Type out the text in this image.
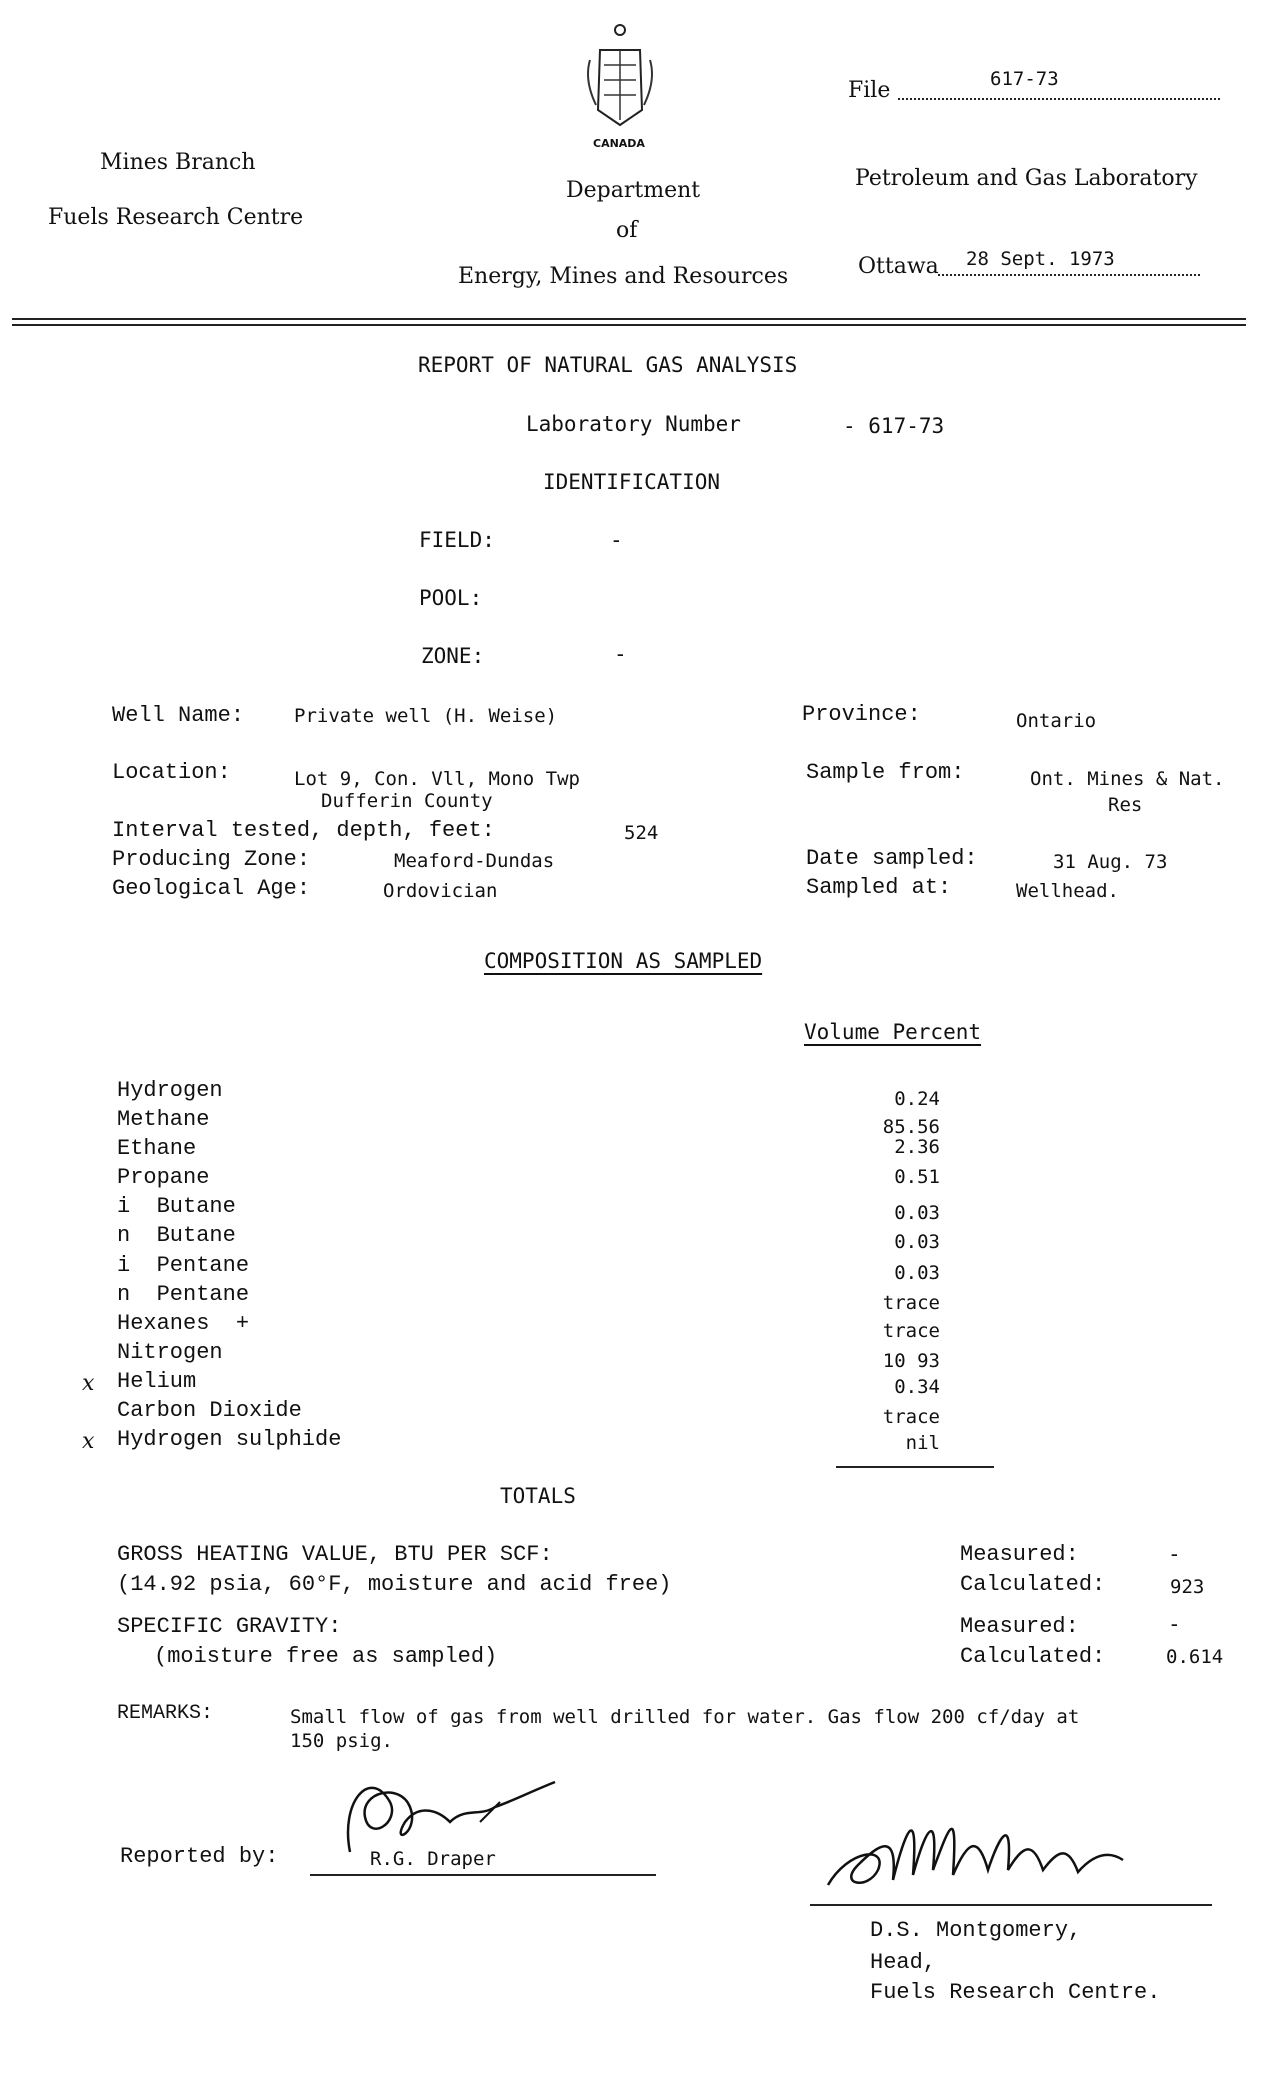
Mines Branch
Fuels Research Centre
CANADA
Department
of
Energy, Mines and Resources
File	617-73
Petroleum and Gas Laboratory
Ottawa 28 Sept. 1973
REPORT OF NATURAL GAS ANALYSIS
Laboratory Number	- 617-73
IDENTIFICATION
FIELD:	-
POOL:
ZONE:	-
Well Name:	Private well (H. Weise)
Location:	Lot 9, Con. Vll, Mono Twp
Dufferin County
Interval tested, depth, feet:	524
Producing Zone:	Meaford-Dundas
Geological Age:	Ordovician
Province:	Ontario
Sample from:	Ont. Mines & Nat.
Res
Date sampled:	31 Aug. 73
Sampled at:	Wellhead.
COMPOSITION AS SAMPLED
Volume Percent
Hydrogen	0.24
Methane	85.56
Ethane	2.36
Propane	0.51
i  Butane	0.03
n  Butane	0.03
i  Pentane	0.03
n  Pentane	trace
Hexanes  +	trace
Nitrogen	10 93
Helium	0.34
x
Carbon Dioxide	trace
Hydrogen sulphide	nil
x
TOTALS
GROSS HEATING VALUE, BTU PER SCF:
(14.92 psia, 60°F, moisture and acid free)
Measured:	-
Calculated:	923
SPECIFIC GRAVITY:
(moisture free as sampled)
Measured:	-
Calculated:	0.614
REMARKS:	Small flow of gas from well drilled for water. Gas flow 200 cf/day at
150 psig.
Reported by:	R.G. Draper
D.S. Montgomery,
Head,
Fuels Research Centre.
